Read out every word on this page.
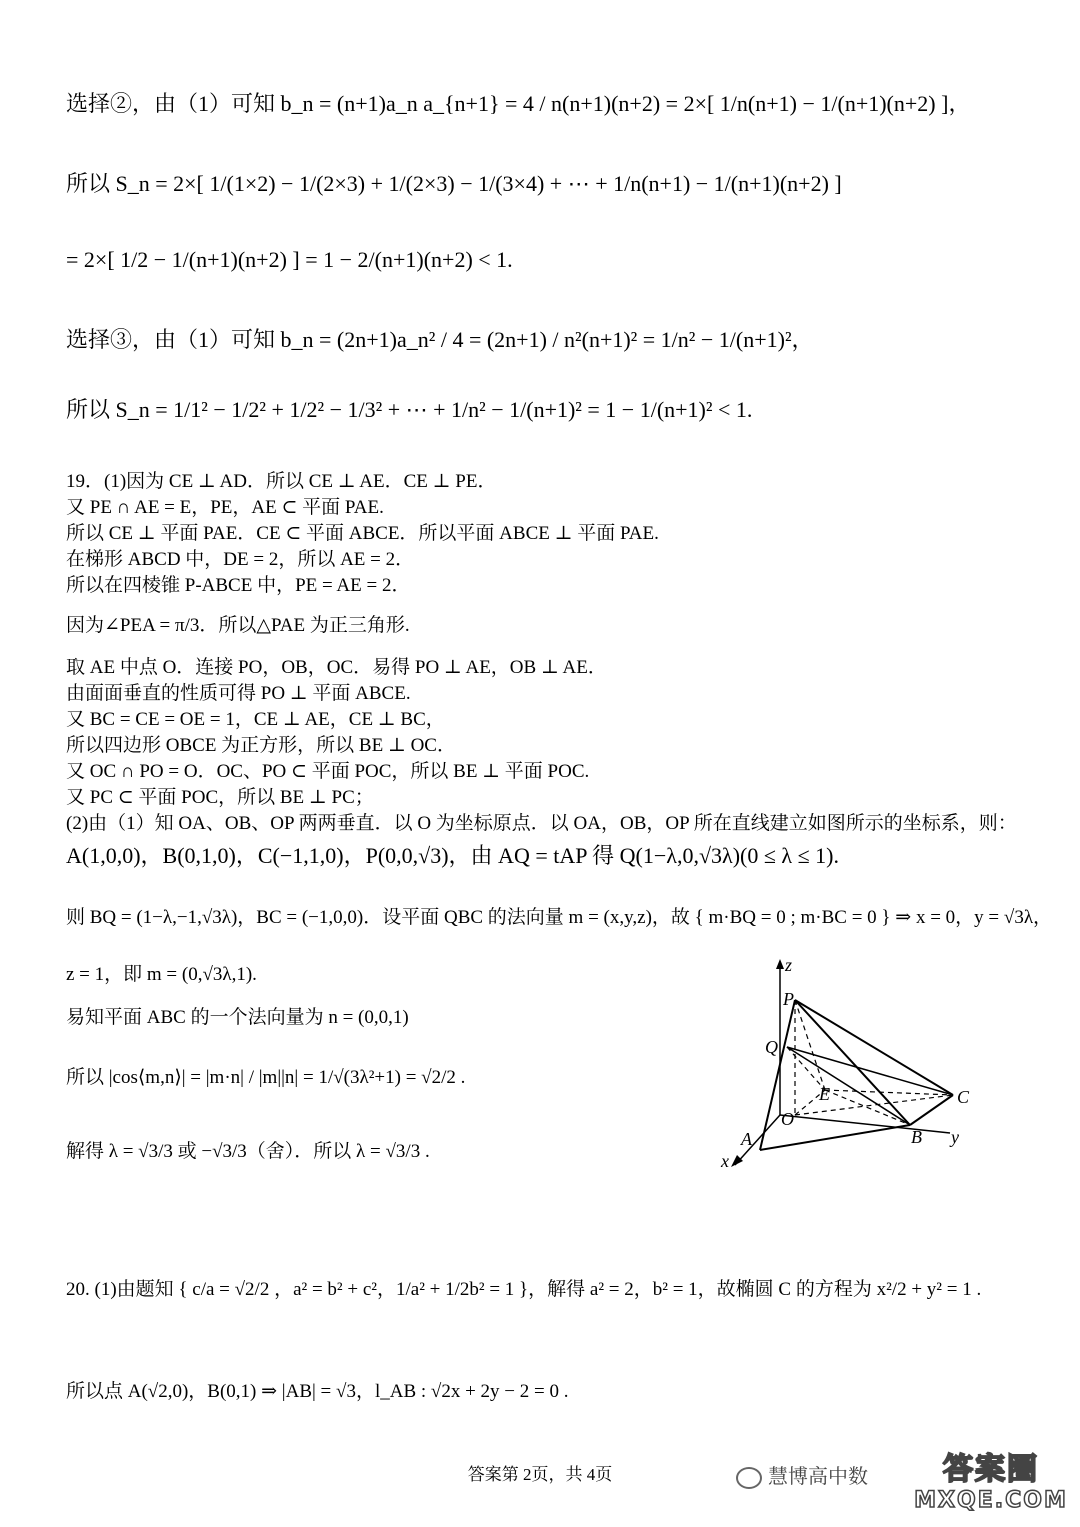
选择②，由（1）可知 b_n = (n+1)a_n a_{n+1} = 4 / n(n+1)(n+2) = 2×[ 1/n(n+1) − 1/(n+1)(n+2) ]，
所以 S_n = 2×[ 1/(1×2) − 1/(2×3) + 1/(2×3) − 1/(3×4) + ⋯ + 1/n(n+1) − 1/(n+1)(n+2) ]
= 2×[ 1/2 − 1/(n+1)(n+2) ] = 1 − 2/(n+1)(n+2) < 1.
选择③，由（1）可知 b_n = (2n+1)a_n² / 4 = (2n+1) / n²(n+1)² = 1/n² − 1/(n+1)²，
所以 S_n = 1/1² − 1/2² + 1/2² − 1/3² + ⋯ + 1/n² − 1/(n+1)² = 1 − 1/(n+1)² < 1.
19．(1)因为 CE ⊥ AD．所以 CE ⊥ AE．CE ⊥ PE．
又 PE ∩ AE = E，PE，AE ⊂ 平面 PAE.
所以 CE ⊥ 平面 PAE．CE ⊂ 平面 ABCE．所以平面 ABCE ⊥ 平面 PAE.
在梯形 ABCD 中，DE = 2，所以 AE = 2．
所以在四棱锥 P-ABCE 中，PE = AE = 2．
因为∠PEA = π/3．所以△PAE 为正三角形.
取 AE 中点 O．连接 PO，OB，OC．易得 PO ⊥ AE，OB ⊥ AE．
由面面垂直的性质可得 PO ⊥ 平面 ABCE.
又 BC = CE = OE = 1，CE ⊥ AE，CE ⊥ BC，
所以四边形 OBCE 为正方形，所以 BE ⊥ OC．
又 OC ∩ PO = O．OC、PO ⊂ 平面 POC，所以 BE ⊥ 平面 POC.
又 PC ⊂ 平面 POC，所以 BE ⊥ PC；
(2)由（1）知 OA、OB、OP 两两垂直．以 O 为坐标原点．以 OA，OB，OP 所在直线建立如图所示的坐标系，则：
A(1,0,0)，B(0,1,0)，C(−1,1,0)，P(0,0,√3)，由 AQ = tAP 得 Q(1−λ,0,√3λ)(0 ≤ λ ≤ 1).
则 BQ = (1−λ,−1,√3λ)，BC = (−1,0,0)．设平面 QBC 的法向量 m = (x,y,z)，故 { m·BQ = 0 ; m·BC = 0 } ⇒ x = 0，y = √3λ，
z = 1，即 m = (0,√3λ,1).
易知平面 ABC 的一个法向量为 n = (0,0,1)
所以 |cos⟨m,n⟩| = |m·n| / |m||n| = 1/√(3λ²+1) = √2/2 .
解得 λ = √3/3 或 −√3/3（舍）．所以 λ = √3/3 .
20. (1)由题知 { c/a = √2/2 ，a² = b² + c²，1/a² + 1/2b² = 1 }，解得 a² = 2，b² = 1，故椭圆 C 的方程为 x²/2 + y² = 1 .
所以点 A(√2,0)，B(0,1) ⇒ |AB| = √3，l_AB : √2x + 2y − 2 = 0 .
z
P
Q
E	C
O
B y
A
x
答案第 2页，共 4页	慧博高中数	答案圈
MXQE.COM
